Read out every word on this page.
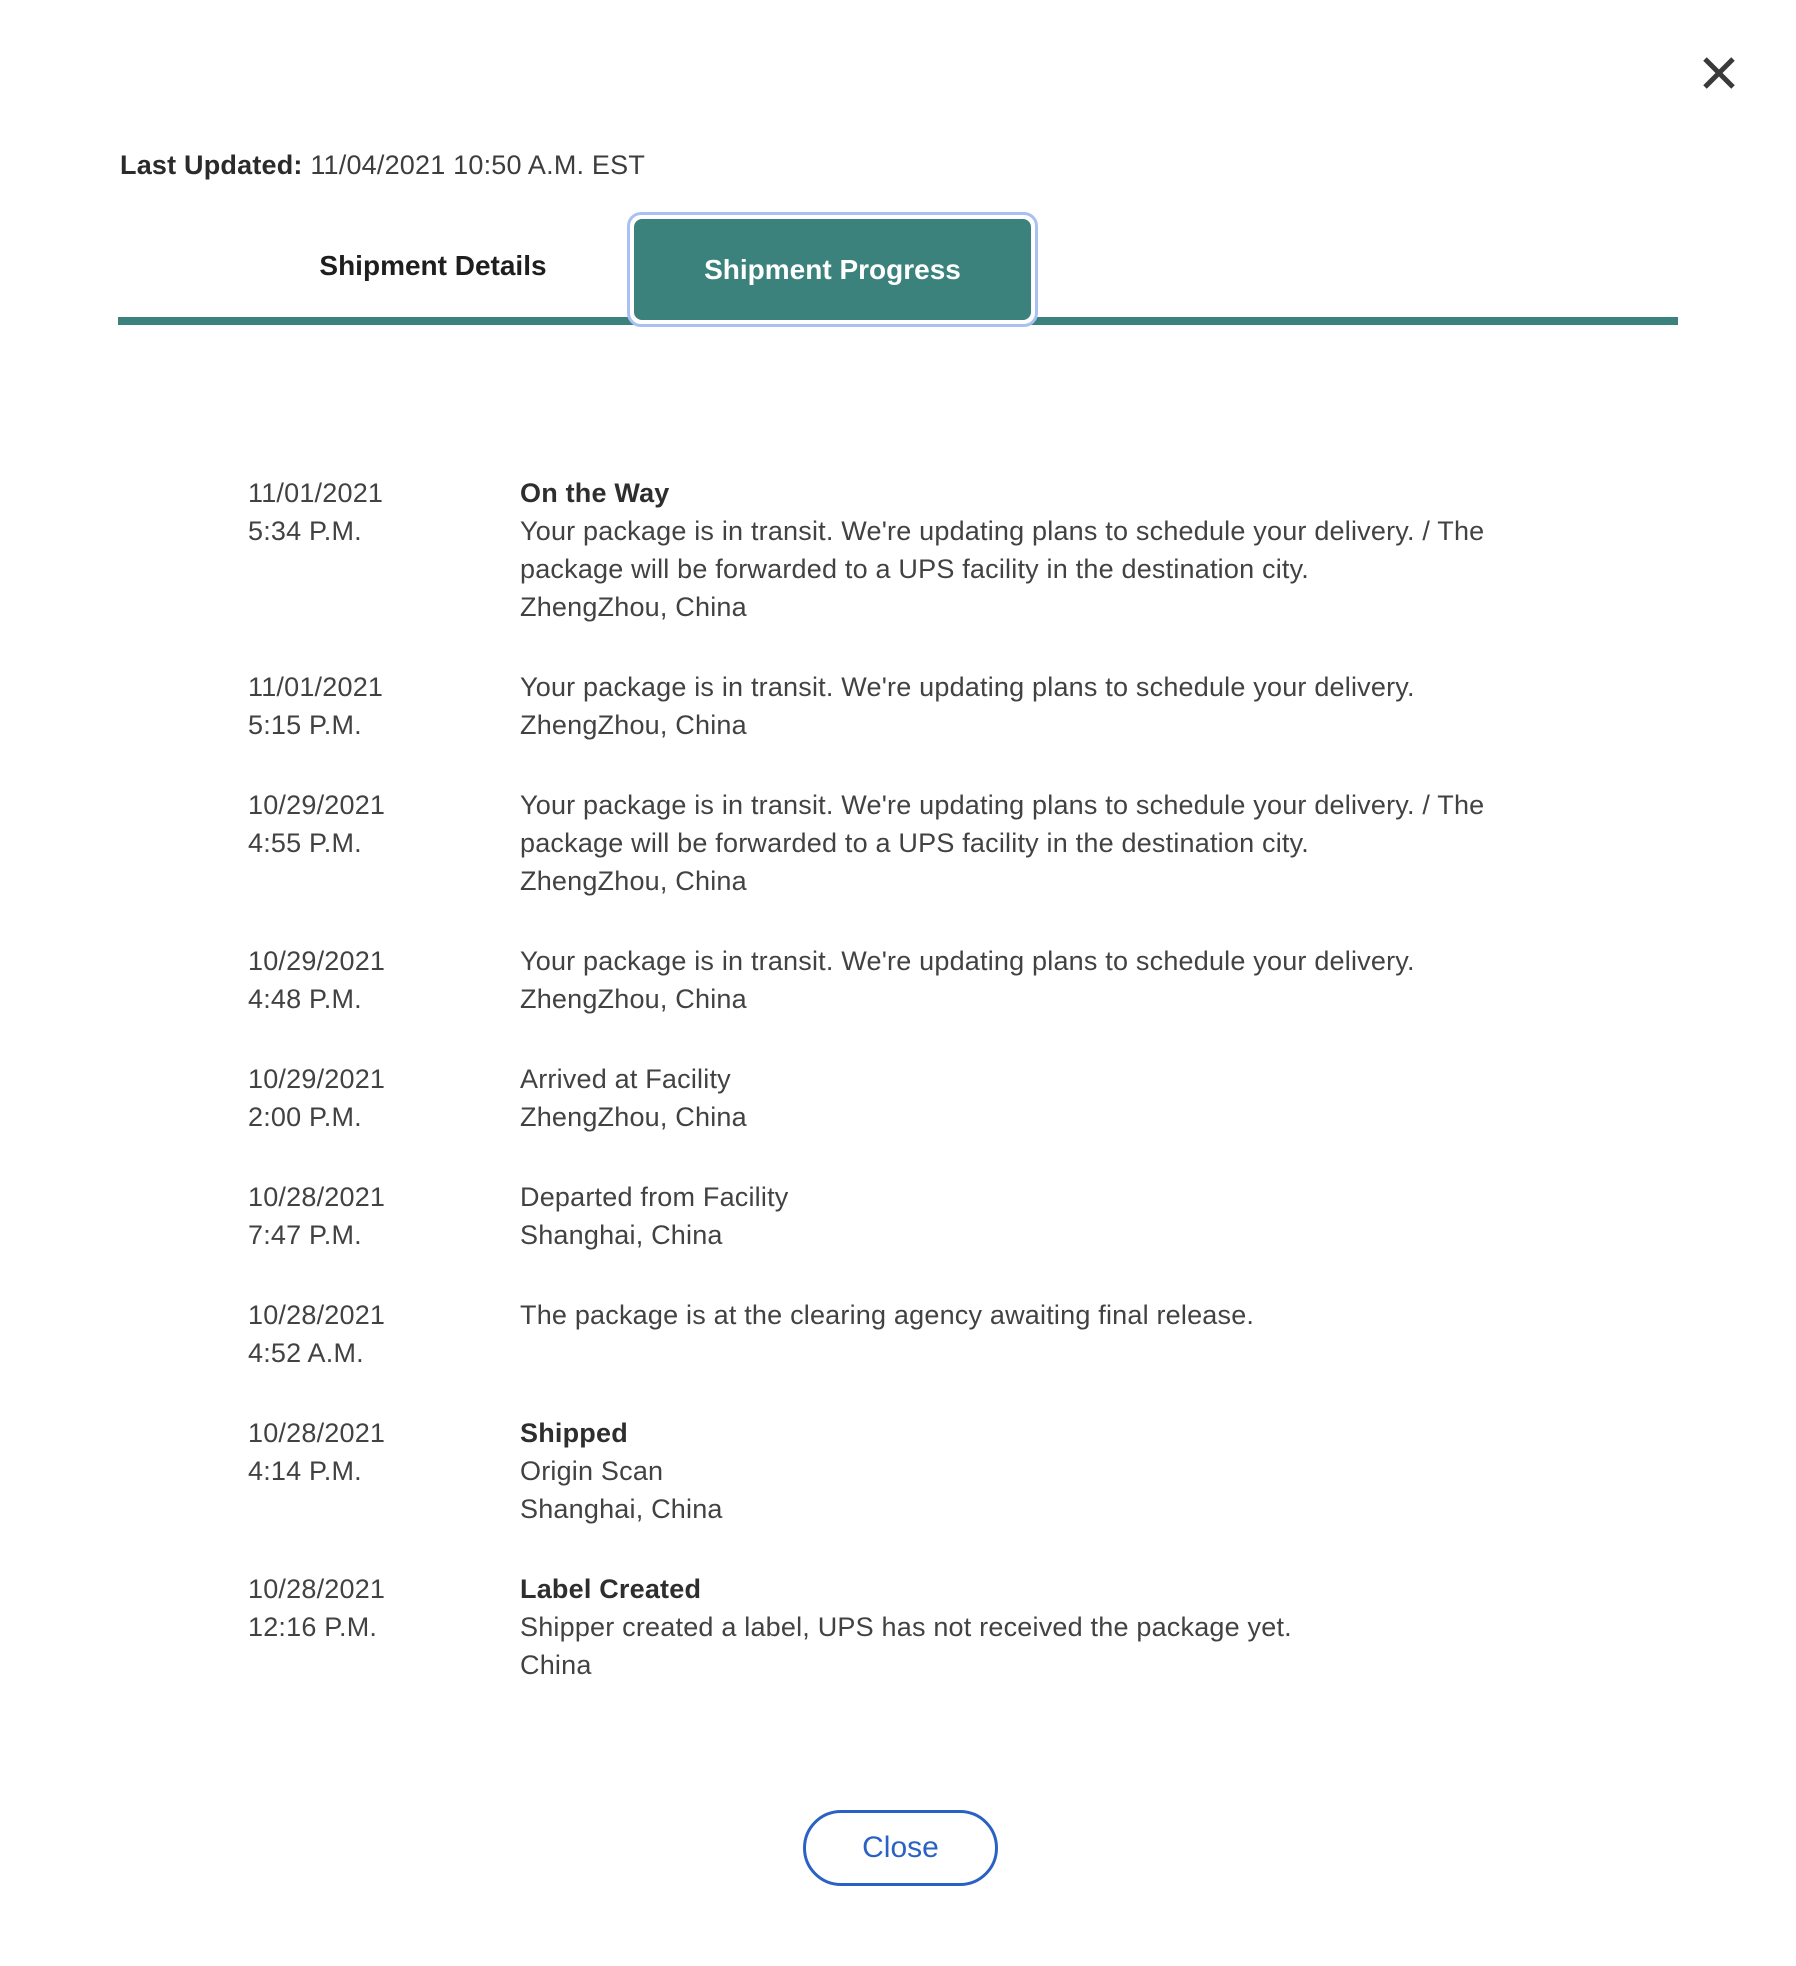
Last Updated: 11/04/2021 10:50 A.M. EST
Shipment Details	Shipment Progress
11/01/2021
5:34 P.M.
On the Way
Your package is in transit. We're updating plans to schedule your delivery. / The package will be forwarded to a UPS facility in the destination city.
ZhengZhou, China
11/01/2021
5:15 P.M.
Your package is in transit. We're updating plans to schedule your delivery.
ZhengZhou, China
10/29/2021
4:55 P.M.
Your package is in transit. We're updating plans to schedule your delivery. / The package will be forwarded to a UPS facility in the destination city.
ZhengZhou, China
10/29/2021
4:48 P.M.
Your package is in transit. We're updating plans to schedule your delivery.
ZhengZhou, China
10/29/2021
2:00 P.M.
Arrived at Facility
ZhengZhou, China
10/28/2021
7:47 P.M.
Departed from Facility
Shanghai, China
10/28/2021
4:52 A.M.
The package is at the clearing agency awaiting final release.
10/28/2021
4:14 P.M.
Shipped
Origin Scan
Shanghai, China
10/28/2021
12:16 P.M.
Label Created
Shipper created a label, UPS has not received the package yet.
China
Close
